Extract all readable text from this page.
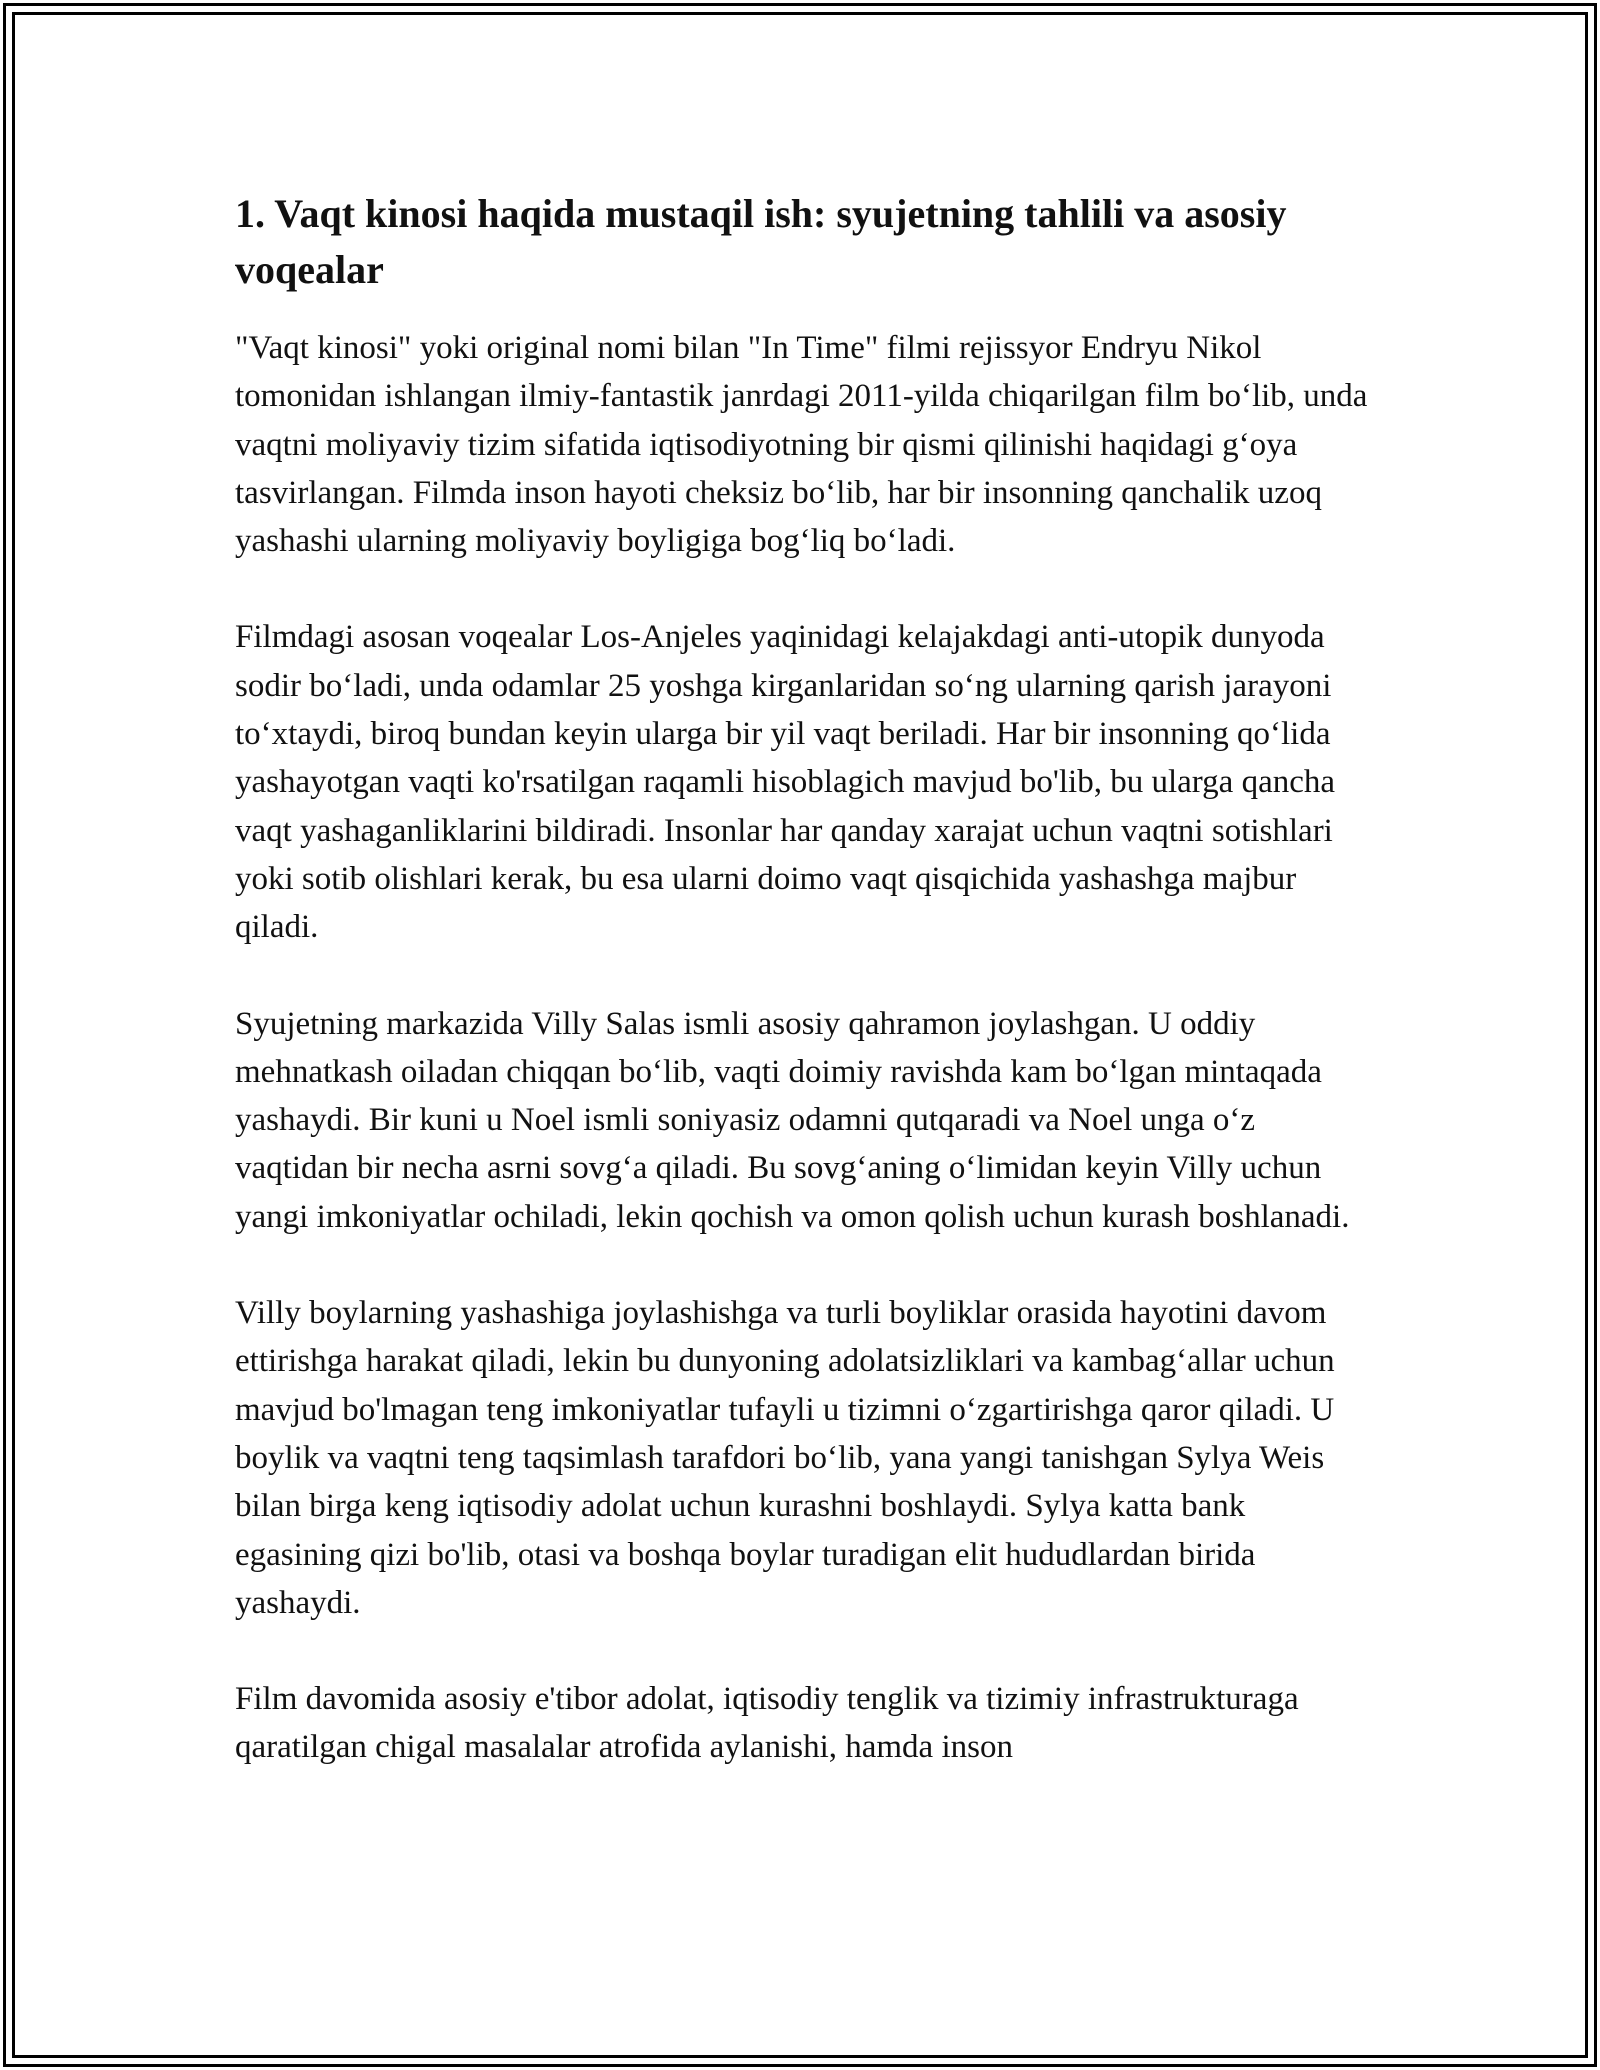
1. Vaqt kinosi haqida mustaqil ish: syujetning tahlili va asosiy voqealar

"Vaqt kinosi" yoki original nomi bilan "In Time" filmi rejissyor Endryu Nikol tomonidan ishlangan ilmiy-fantastik janrdagi 2011-yilda chiqarilgan film bo‘lib, unda vaqtni moliyaviy tizim sifatida iqtisodiyotning bir qismi qilinishi haqidagi g‘oya tasvirlangan. Filmda inson hayoti cheksiz bo‘lib, har bir insonning qanchalik uzoq yashashi ularning moliyaviy boyligiga bog‘liq bo‘ladi.

Filmdagi asosan voqealar Los-Anjeles yaqinidagi kelajakdagi anti-utopik dunyoda sodir bo‘ladi, unda odamlar 25 yoshga kirganlaridan so‘ng ularning qarish jarayoni to‘xtaydi, biroq bundan keyin ularga bir yil vaqt beriladi. Har bir insonning qo‘lida yashayotgan vaqti ko'rsatilgan raqamli hisoblagich mavjud bo'lib, bu ularga qancha vaqt yashaganliklarini bildiradi. Insonlar har qanday xarajat uchun vaqtni sotishlari yoki sotib olishlari kerak, bu esa ularni doimo vaqt qisqichida yashashga majbur qiladi.

Syujetning markazida Villy Salas ismli asosiy qahramon joylashgan. U oddiy mehnatkash oiladan chiqqan bo‘lib, vaqti doimiy ravishda kam bo‘lgan mintaqada yashaydi. Bir kuni u Noel ismli soniyasiz odamni qutqaradi va Noel unga o‘z vaqtidan bir necha asrni sovg‘a qiladi. Bu sovg‘aning o‘limidan keyin Villy uchun yangi imkoniyatlar ochiladi, lekin qochish va omon qolish uchun kurash boshlanadi.

Villy boylarning yashashiga joylashishga va turli boyliklar orasida hayotini davom ettirishga harakat qiladi, lekin bu dunyoning adolatsizliklari va kambag‘allar uchun mavjud bo'lmagan teng imkoniyatlar tufayli u tizimni o‘zgartirishga qaror qiladi. U boylik va vaqtni teng taqsimlash tarafdori bo‘lib, yana yangi tanishgan Sylya Weis bilan birga keng iqtisodiy adolat uchun kurashni boshlaydi. Sylya katta bank egasining qizi bo'lib, otasi va boshqa boylar turadigan elit hududlardan birida yashaydi.

Film davomida asosiy e'tibor adolat, iqtisodiy tenglik va tizimiy infrastrukturaga qaratilgan chigal masalalar atrofida aylanishi, hamda inson
